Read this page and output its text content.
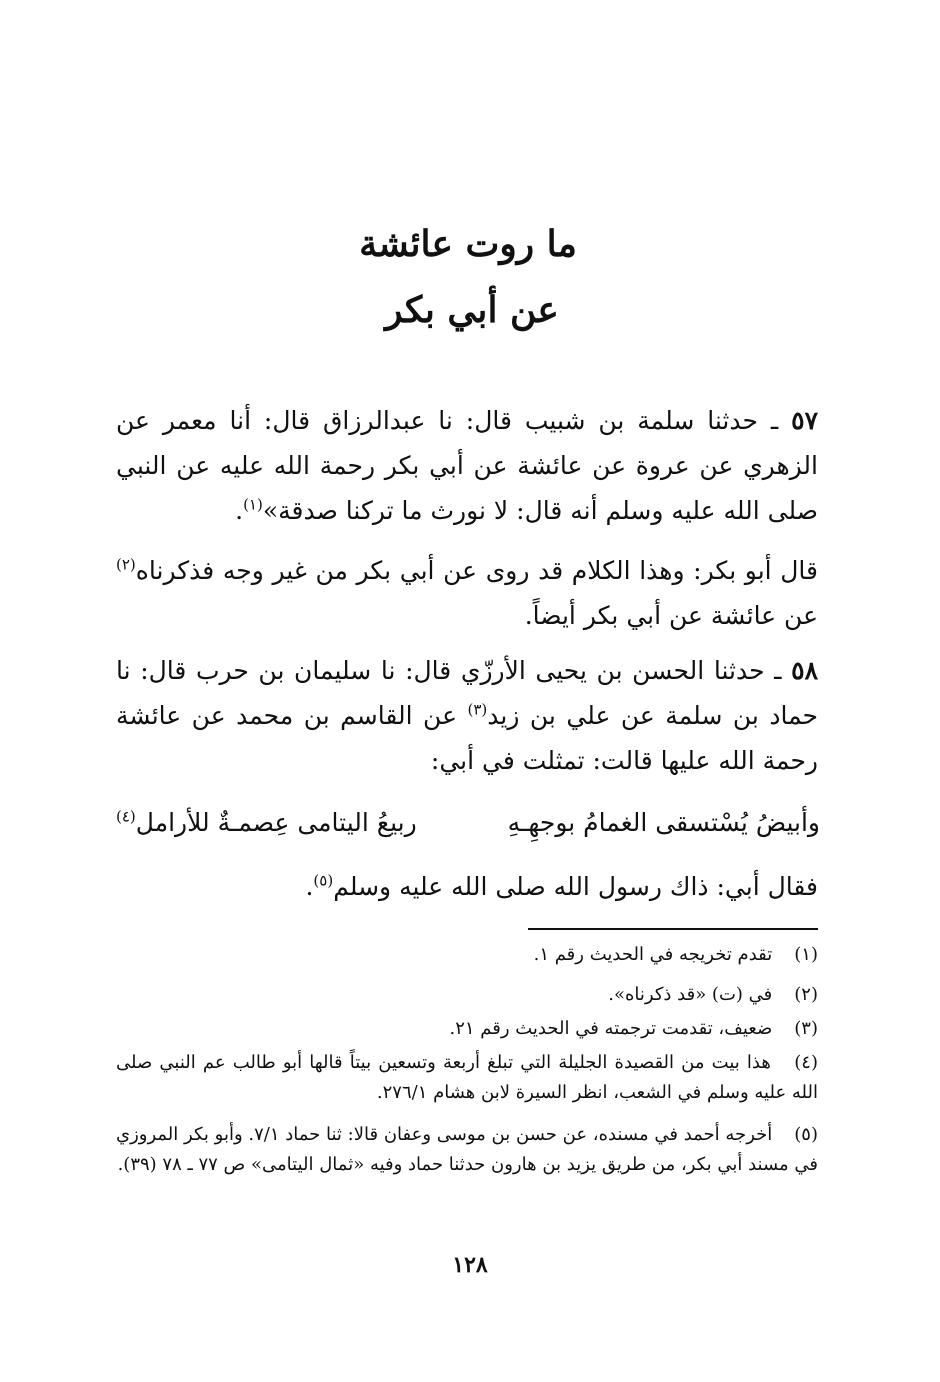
ما روت عائشة
عن أبي بكر
٥٧ ـ حدثنا سلمة بن شبيب قال: نا عبدالرزاق قال: أنا معمر عن الزهري عن عروة عن عائشة عن أبي بكر رحمة الله عليه عن النبي صلى الله عليه وسلم أنه قال: لا نورث ما تركنا صدقة»$^{(١)}$.
قال أبو بكر: وهذا الكلام قد روى عن أبي بكر من غير وجه فذكرناه$^{(٢)}$ عن عائشة عن أبي بكر أيضاً.
٥٨ ـ حدثنا الحسن بن يحيى الأرزّي قال: نا سليمان بن حرب قال: نا حماد بن سلمة عن علي بن زيد$^{(٣)}$ عن القاسم بن محمد عن عائشة رحمة الله عليها قالت: تمثلت في أبي:
وأبيضُ يُسْتسقى الغمامُ بوجهِـهِ
ربيعُ اليتامى عِصمـةٌ للأرامل$^{(٤)}$
فقال أبي: ذاك رسول الله صلى الله عليه وسلم$^{(٥)}$.
(١) تقدم تخريجه في الحديث رقم ١.
(٢) في (ت) «قد ذكرناه».
(٣) ضعيف، تقدمت ترجمته في الحديث رقم ٢١.
(٤) هذا بيت من القصيدة الجليلة التي تبلغ أربعة وتسعين بيتاً قالها أبو طالب عم النبي صلى الله عليه وسلم في الشعب، انظر السيرة لابن هشام ٢٧٦/١.
(٥) أخرجه أحمد في مسنده، عن حسن بن موسى وعفان قالا: ثنا حماد ٧/١. وأبو بكر المروزي في مسند أبي بكر، من طريق يزيد بن هارون حدثنا حماد وفيه «ثمال اليتامى» ص ٧٧ ـ ٧٨ (٣٩).
١٢٨
